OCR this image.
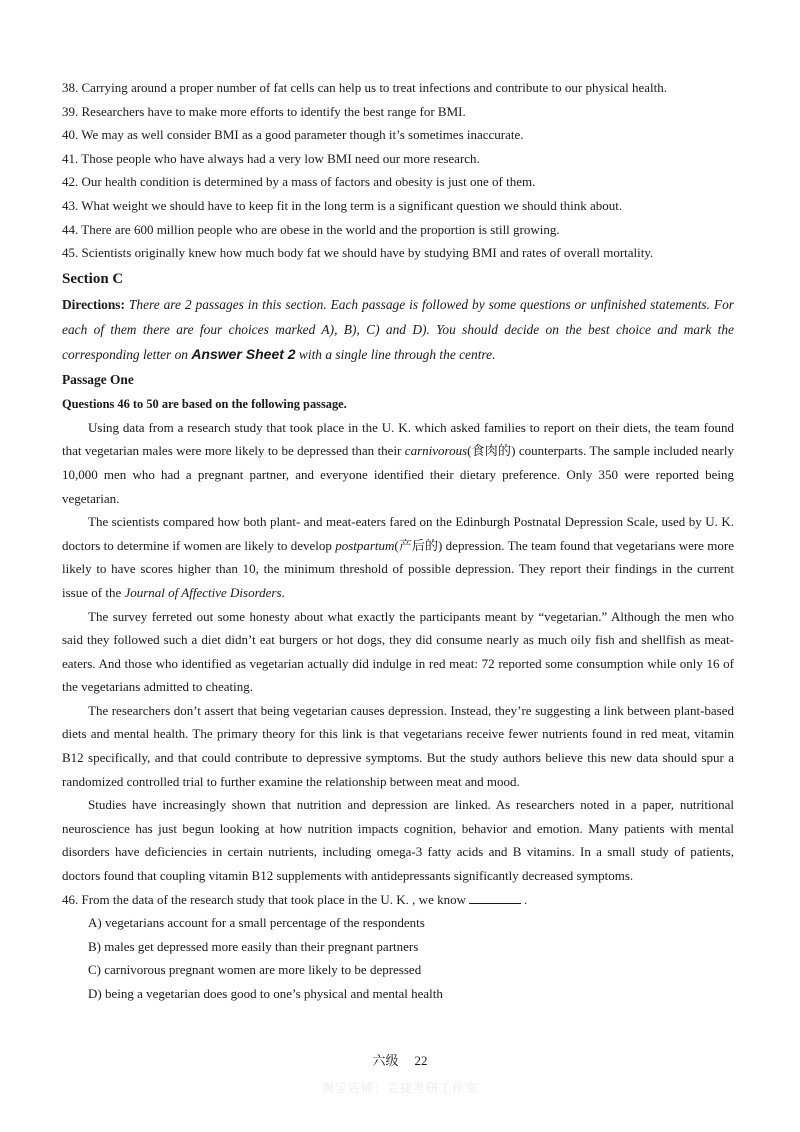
38. Carrying around a proper number of fat cells can help us to treat infections and contribute to our physical health.
39. Researchers have to make more efforts to identify the best range for BMI.
40. We may as well consider BMI as a good parameter though it’s sometimes inaccurate.
41. Those people who have always had a very low BMI need our more research.
42. Our health condition is determined by a mass of factors and obesity is just one of them.
43. What weight we should have to keep fit in the long term is a significant question we should think about.
44. There are 600 million people who are obese in the world and the proportion is still growing.
45. Scientists originally knew how much body fat we should have by studying BMI and rates of overall mortality.
Section C
Directions: There are 2 passages in this section. Each passage is followed by some questions or unfinished statements. For each of them there are four choices marked A), B), C) and D). You should decide on the best choice and mark the corresponding letter on Answer Sheet 2 with a single line through the centre.
Passage One
Questions 46 to 50 are based on the following passage.

Using data from a research study that took place in the U. K. which asked families to report on their diets, the team found that vegetarian males were more likely to be depressed than their carnivorous(食肉的) counterparts. The sample included nearly 10,000 men who had a pregnant partner, and everyone identified their dietary preference. Only 350 were reported being vegetarian.

The scientists compared how both plant- and meat-eaters fared on the Edinburgh Postnatal Depression Scale, used by U. K. doctors to determine if women are likely to develop postpartum(产后的) depression. The team found that vegetarians were more likely to have scores higher than 10, the minimum threshold of possible depression. They report their findings in the current issue of the Journal of Affective Disorders.

The survey ferreted out some honesty about what exactly the participants meant by “vegetarian.” Although the men who said they followed such a diet didn’t eat burgers or hot dogs, they did consume nearly as much oily fish and shellfish as meat-eaters. And those who identified as vegetarian actually did indulge in red meat: 72 reported some consumption while only 16 of the vegetarians admitted to cheating.

The researchers don’t assert that being vegetarian causes depression. Instead, they’re suggesting a link between plant-based diets and mental health. The primary theory for this link is that vegetarians receive fewer nutrients found in red meat, vitamin B12 specifically, and that could contribute to depressive symptoms. But the study authors believe this new data should spur a randomized controlled trial to further examine the relationship between meat and mood.

Studies have increasingly shown that nutrition and depression are linked. As researchers noted in a paper, nutritional neuroscience has just begun looking at how nutrition impacts cognition, behavior and emotion. Many patients with mental disorders have deficiencies in certain nutrients, including omega-3 fatty acids and B vitamins. In a small study of patients, doctors found that coupling vitamin B12 supplements with antidepressants significantly decreased symptoms.

46. From the data of the research study that took place in the U. K. , we know	.
A) vegetarians account for a small percentage of the respondents
B) males get depressed more easily than their pregnant partners
C) carnivorous pregnant women are more likely to be depressed
D) being a vegetarian does good to one’s physical and mental health
六级 22
淘宝店铺：完捷考研工作室
